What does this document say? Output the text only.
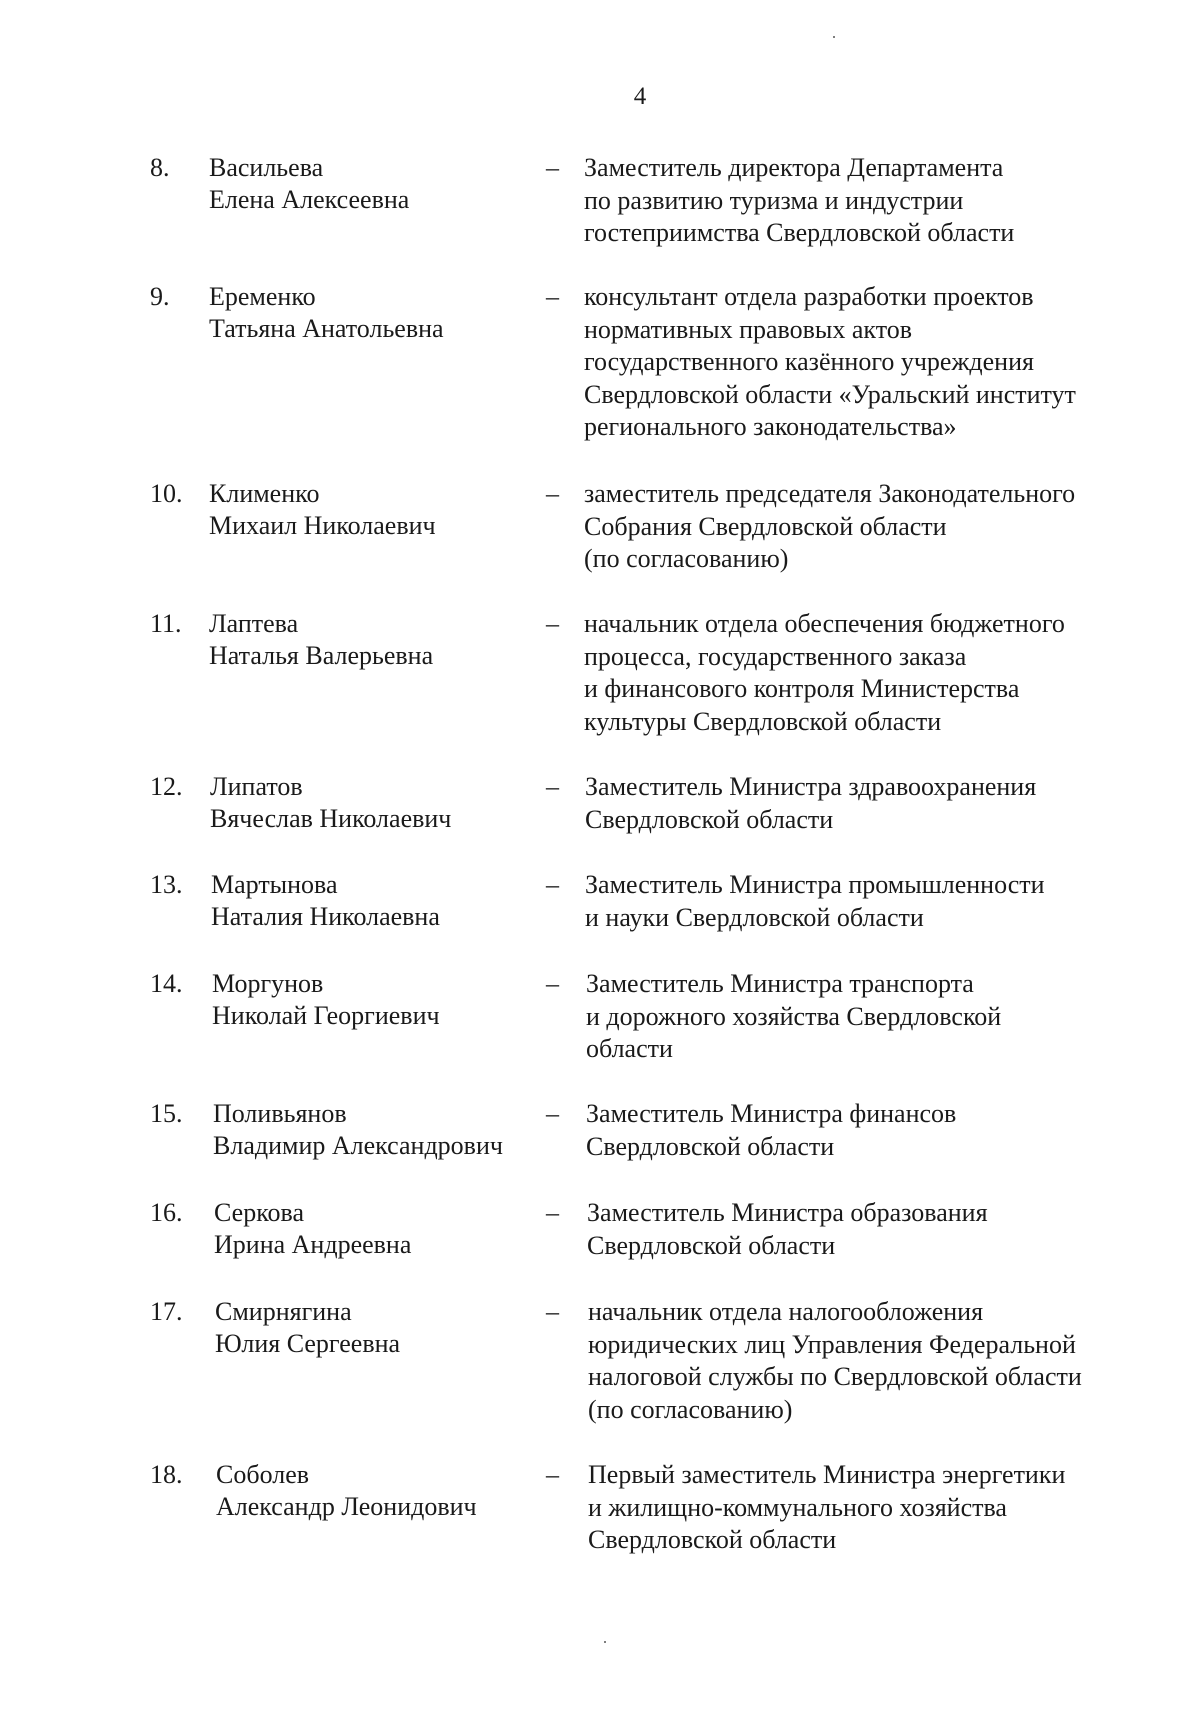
4
8. Васильева
Елена Алексеевна
– Заместитель директора Департамента
по развитию туризма и индустрии
гостеприимства Свердловской области
9. Еременко
Татьяна Анатольевна
– консультант отдела разработки проектов
нормативных правовых актов
государственного казённого учреждения
Свердловской области «Уральский институт
регионального законодательства»
10. Клименко
Михаил Николаевич
– заместитель председателя Законодательного
Собрания Свердловской области
(по согласованию)
11. Лаптева
Наталья Валерьевна
– начальник отдела обеспечения бюджетного
процесса, государственного заказа
и финансового контроля Министерства
культуры Свердловской области
12. Липатов
Вячеслав Николаевич
– Заместитель Министра здравоохранения
Свердловской области
13. Мартынова
Наталия Николаевна
– Заместитель Министра промышленности
и науки Свердловской области
14. Моргунов
Николай Георгиевич
– Заместитель Министра транспорта
и дорожного хозяйства Свердловской
области
15. Поливьянов
Владимир Александрович
– Заместитель Министра финансов
Свердловской области
16. Серкова
Ирина Андреевна
– Заместитель Министра образования
Свердловской области
17. Смирнягина
Юлия Сергеевна
– начальник отдела налогообложения
юридических лиц Управления Федеральной
налоговой службы по Свердловской области
(по согласованию)
18. Соболев
Александр Леонидович
– Первый заместитель Министра энергетики
и жилищно-коммунального хозяйства
Свердловской области
